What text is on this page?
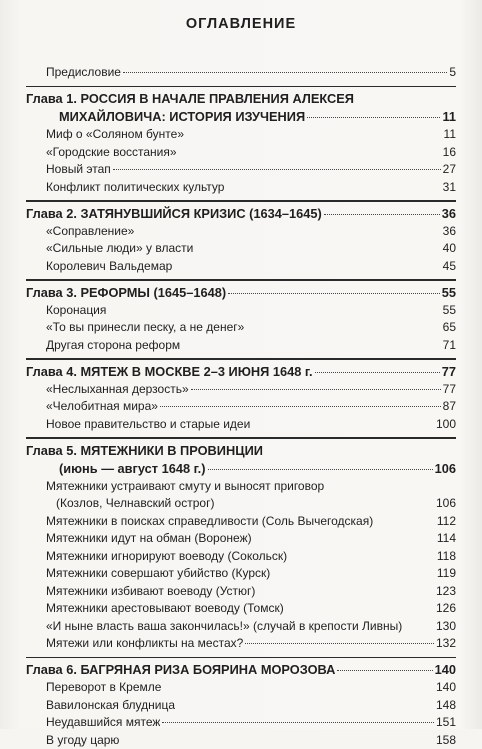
ОГЛАВЛЕНИЕ
Предисловие	5
Глава 1. РОССИЯ В НАЧАЛЕ ПРАВЛЕНИЯ АЛЕКСЕЯ
МИХАЙЛОВИЧА: ИСТОРИЯ ИЗУЧЕНИЯ	11
Миф о «Соляном бунте»	11
«Городские восстания»	16
Новый этап	27
Конфликт политических культур	31
Глава 2. ЗАТЯНУВШИЙСЯ КРИЗИС (1634–1645)	36
«Соправление»	36
«Сильные люди» у власти	40
Королевич Вальдемар	45
Глава 3. РЕФОРМЫ (1645–1648)	55
Коронация	55
«То вы принесли песку, а не денег»	65
Другая сторона реформ	71
Глава 4. МЯТЕЖ В МОСКВЕ 2–3 ИЮНЯ 1648 г.	77
«Неслыханная дерзость»	77
«Челобитная мира»	87
Новое правительство и старые идеи	100
Глава 5. МЯТЕЖНИКИ В ПРОВИНЦИИ
(июнь — август 1648 г.)	106
Мятежники устраивают смуту и выносят приговор
(Козлов, Челнавский острог)	106
Мятежники в поисках справедливости (Соль Вычегодская)	112
Мятежники идут на обман (Воронеж)	114
Мятежники игнорируют воеводу (Сокольск)	118
Мятежники совершают убийство (Курск)	119
Мятежники избивают воеводу (Устюг)	123
Мятежники арестовывают воеводу (Томск)	126
«И ныне власть ваша закончилась!» (случай в крепости Ливны)	130
Мятежи или конфликты на местах?	132
Глава 6. БАГРЯНАЯ РИЗА БОЯРИНА МОРОЗОВА	140
Переворот в Кремле	140
Вавилонская блудница	148
Неудавшийся мятеж	151
В угоду царю	158
